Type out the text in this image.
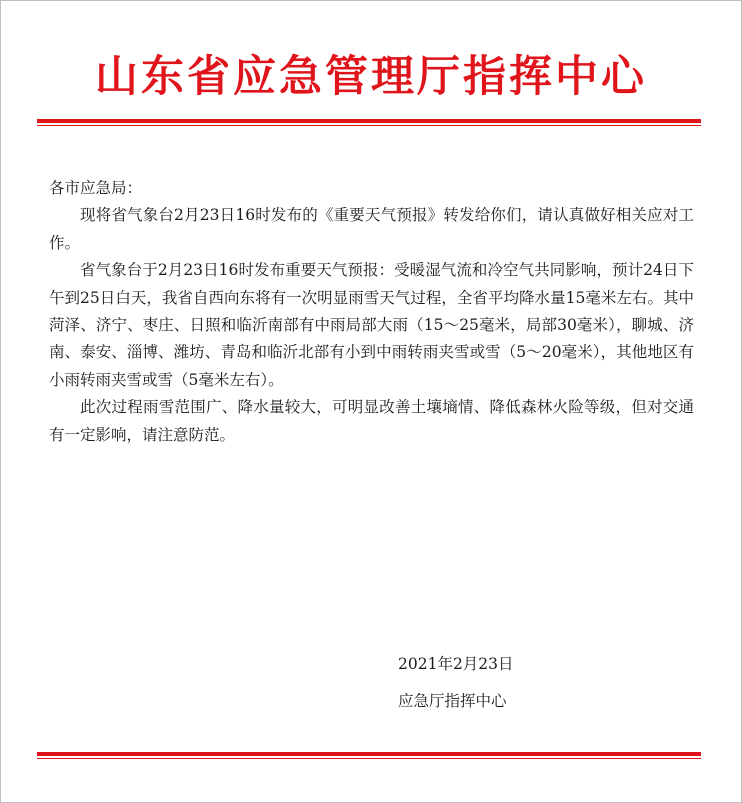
山东省应急管理厅指挥中心

各市应急局：

现将省气象台2月23日16时发布的《重要天气预报》转发给你们，请认真做好相关应对工作。

省气象台于2月23日16时发布重要天气预报：受暖湿气流和冷空气共同影响，预计24日下午到25日白天，我省自西向东将有一次明显雨雪天气过程，全省平均降水量15毫米左右。其中菏泽、济宁、枣庄、日照和临沂南部有中雨局部大雨（15～25毫米，局部30毫米），聊城、济南、泰安、淄博、潍坊、青岛和临沂北部有小到中雨转雨夹雪或雪（5～20毫米），其他地区有小雨转雨夹雪或雪（5毫米左右）。

此次过程雨雪范围广、降水量较大，可明显改善土壤墒情、降低森林火险等级，但对交通有一定影响，请注意防范。

2021年2月23日
应急厅指挥中心
